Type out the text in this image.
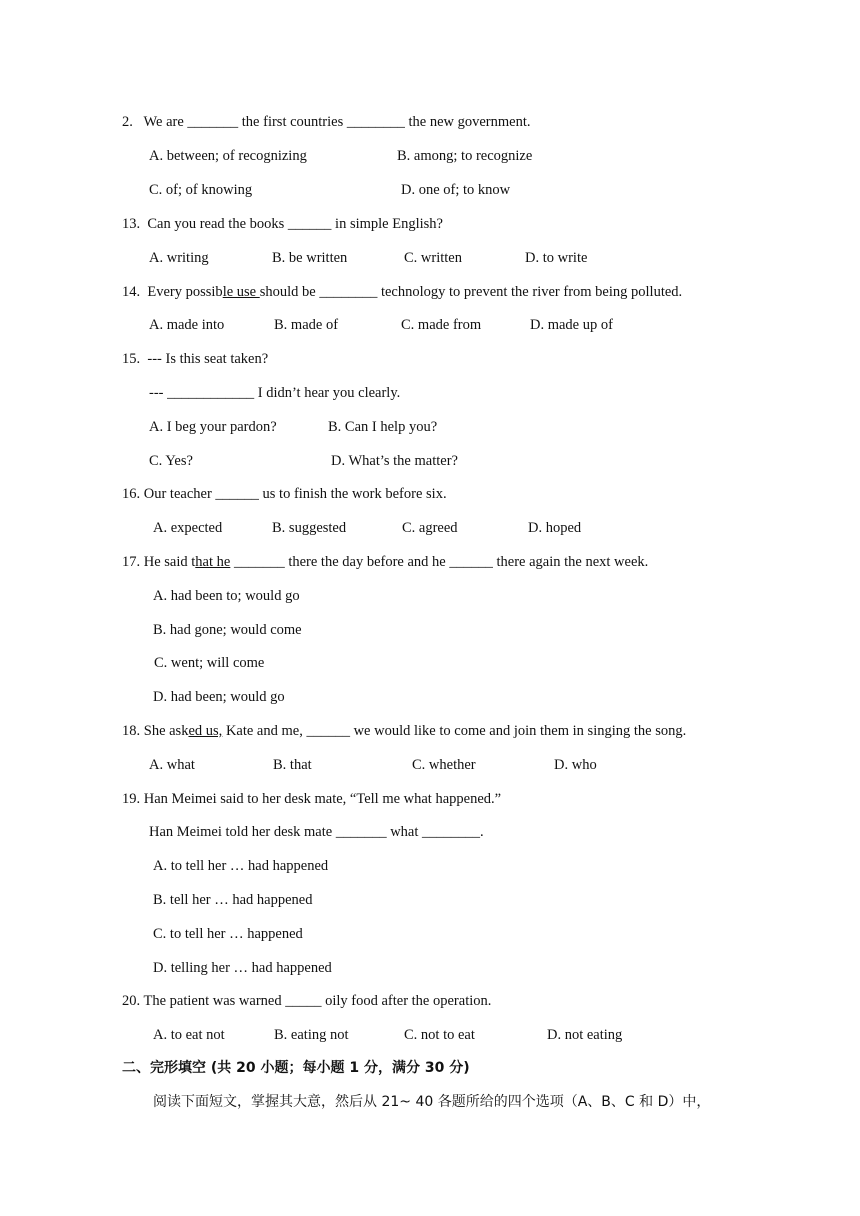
2.   We are _______ the first countries ________ the new government.
A. between; of recognizing	B. among; to recognize
C. of; of knowing	D. one of; to know
13.  Can you read the books ______ in simple English?
A. writing	B. be written	C. written	D. to write
14.  Every possible use should be ________ technology to prevent the river from being polluted.
A. made into	B. made of	C. made from	D. made up of
15.  --- Is this seat taken?
--- ____________ I didn’t hear you clearly.
A. I beg your pardon?	B. Can I help you?
C. Yes?	D. What’s the matter?
16. Our teacher ______ us to finish the work before six.
A. expected	B. suggested	C. agreed	D. hoped
17. He said that he _______ there the day before and he ______ there again the next week.
A. had been to; would go
B. had gone; would come
C. went; will come
D. had been; would go
18. She asked us, Kate and me, ______ we would like to come and join them in singing the song.
A. what	B. that	C. whether	D. who
19. Han Meimei said to her desk mate, “Tell me what happened.”
Han Meimei told her desk mate _______ what ________.
A. to tell her … had happened
B. tell her … had happened
C. to tell her … happened
D. telling her … had happened
20. The patient was warned _____ oily food after the operation.
A. to eat not	B. eating not	C. not to eat	D. not eating
二、完形填空 (共 20 小题；每小题 1 分，满分 30 分)
阅读下面短文，掌握其大意，然后从 21~ 40 各题所给的四个选项（A、B、C 和 D）中，
